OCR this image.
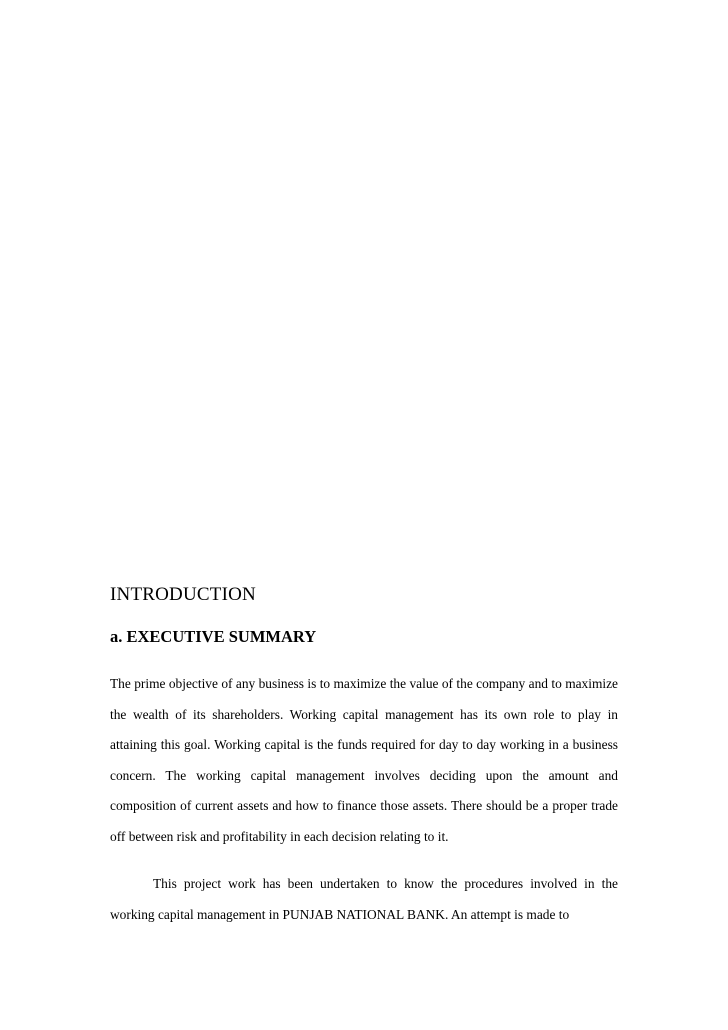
INTRODUCTION
a. EXECUTIVE SUMMARY

The prime objective of any business is to maximize the value of the company and to maximize the wealth of its shareholders. Working capital management has its own role to play in attaining this goal. Working capital is the funds required for day to day working in a business concern. The working capital management involves deciding upon the amount and composition of current assets and how to finance those assets. There should be a proper trade off between risk and profitability in each decision relating to it.

This project work has been undertaken to know the procedures involved in the working capital management in PUNJAB NATIONAL BANK. An attempt is made to
